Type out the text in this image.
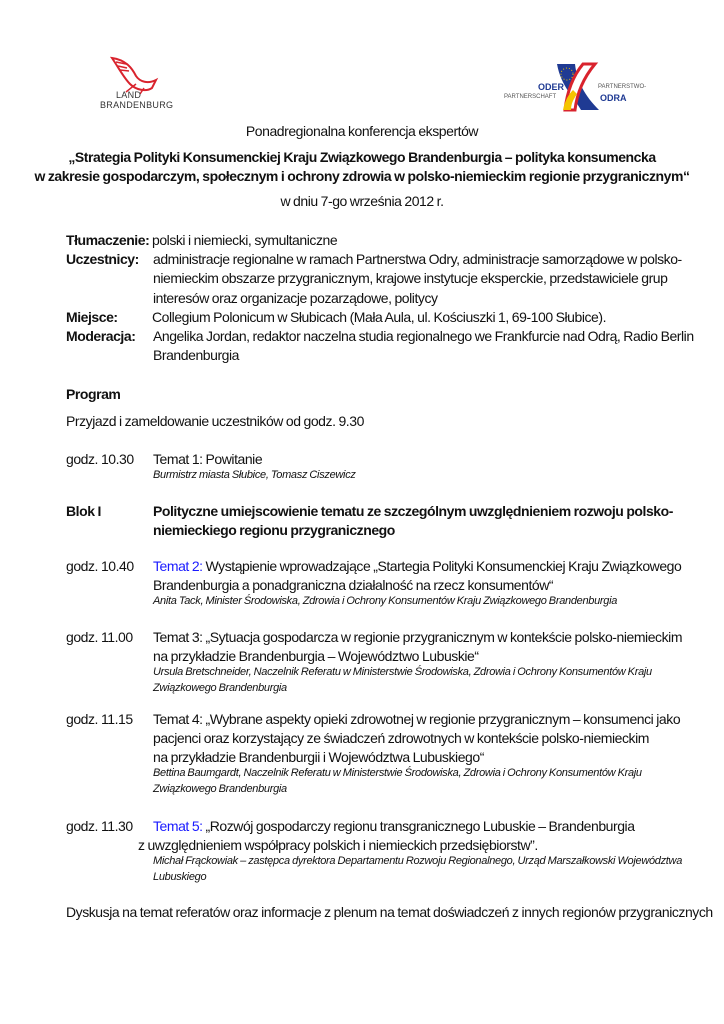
LAND
BRANDENBURG
ODER
PARTNERSCHAFT
PARTNERSTWO-
ODRA
Ponadregionalna konferencja ekspertów
„Strategia Polityki Konsumenckiej Kraju Związkowego Brandenburgia – polityka konsumencka
w zakresie gospodarczym, społecznym i ochrony zdrowia w polsko-niemieckim regionie przygranicznym“
w dniu 7-go września 2012 r.
Tłumaczenie: polski i niemiecki, symultaniczne
Uczestnicy: administracje regionalne w ramach Partnerstwa Odry, administracje samorządowe w polsko-
niemieckim obszarze przygranicznym, krajowe instytucje eksperckie, przedstawiciele grup
interesów oraz organizacje pozarządowe, politycy
Miejsce: Collegium Polonicum w Słubicach (Mała Aula, ul. Kościuszki 1, 69-100 Słubice).
Moderacja: Angelika Jordan, redaktor naczelna studia regionalnego we Frankfurcie nad Odrą, Radio Berlin
Brandenburgia
Program
Przyjazd i zameldowanie uczestników od godz. 9.30
godz. 10.30 Temat 1: Powitanie
Burmistrz miasta Słubice, Tomasz Ciszewicz
Blok I	Polityczne umiejscowienie tematu ze szczególnym uwzględnieniem rozwoju polsko-
niemieckiego regionu przygranicznego
godz. 10.40 Temat 2: Wystąpienie wprowadzające „Startegia Polityki Konsumenckiej Kraju Związkowego
Brandenburgia a ponadgraniczna działalność na rzecz konsumentów“
Anita Tack, Minister Środowiska, Zdrowia i Ochrony Konsumentów Kraju Związkowego Brandenburgia
godz. 11.00 Temat 3: „Sytuacja gospodarcza w regionie przygranicznym w kontekście polsko-niemieckim
na przykładzie Brandenburgia – Województwo Lubuskie“
Ursula Bretschneider, Naczelnik Referatu w Ministerstwie Środowiska, Zdrowia i Ochrony Konsumentów Kraju
Związkowego Brandenburgia
godz. 11.15 Temat 4: „Wybrane aspekty opieki zdrowotnej w regionie przygranicznym – konsumenci jako
pacjenci oraz korzystający ze świadczeń zdrowotnych w kontekście polsko-niemieckim
na przykładzie Brandenburgii i Województwa Lubuskiego“
Bettina Baumgardt, Naczelnik Referatu w Ministerstwie Środowiska, Zdrowia i Ochrony Konsumentów Kraju
Związkowego Brandenburgia
godz. 11.30 Temat 5: „Rozwój gospodarczy regionu transgranicznego Lubuskie – Brandenburgia
z uwzględnieniem współpracy polskich i niemieckich przedsiębiorstw”.
Michał Frąckowiak – zastępca dyrektora Departamentu Rozwoju Regionalnego, Urząd Marszałkowski Województwa
Lubuskiego
Dyskusja na temat referatów oraz informacje z plenum na temat doświadczeń z innych regionów przygranicznych
